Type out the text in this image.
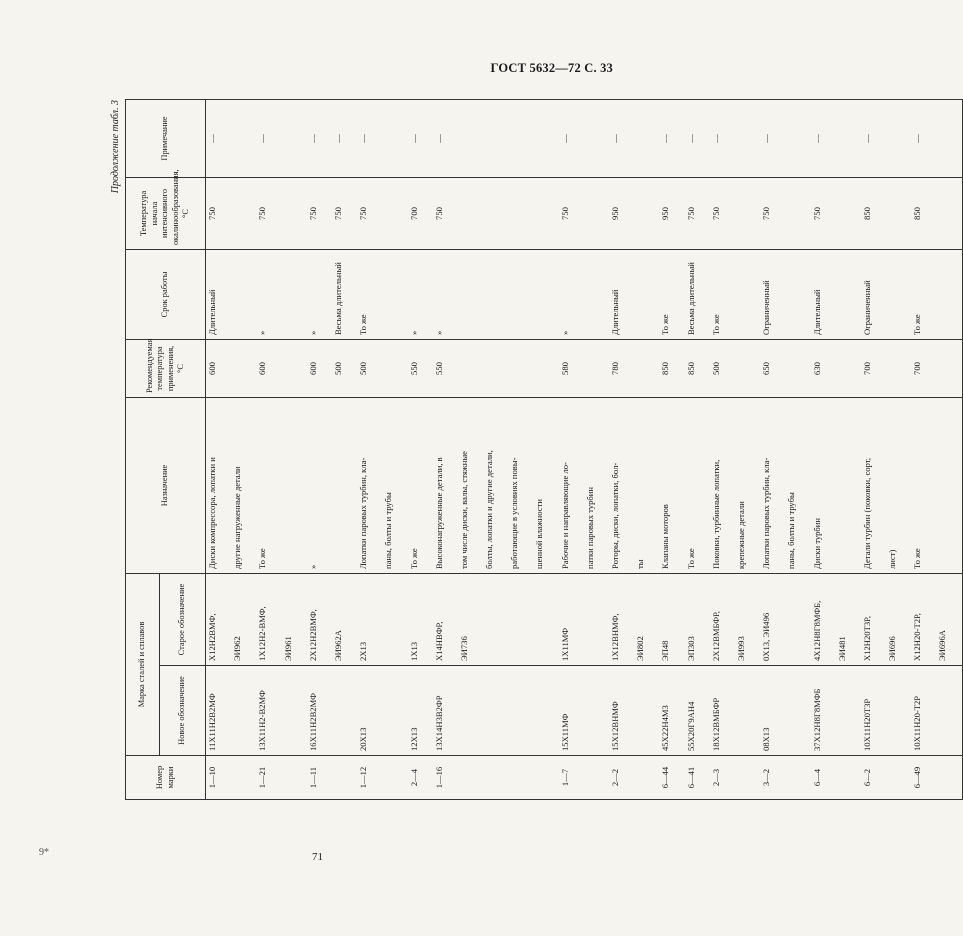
ГОСТ 5632—72 С. 33
9*	71
Продолжение табл. 3
Номер марки	Марка сталей и сплавов		Назначение	Рекомендуемая температура применения, °С	Срок работы	Температура начала интенсивного окалинообразования, °С	Примечание
	Новое обозначение	Старое обозначение					
1—10	11Х11Н2В2МФ	Х12Н2ВМФ,	Диски компрессора, лопатки и	600	Длительный	750	—
		ЭИ962	другие нагруженные детали				
1—21	13Х11Н2-В2МФ	1Х12Н2-ВМФ,	То же	600	»	750	—
		ЭИ961					
1—11	16Х11Н2В2МФ	2Х12Н2ВМФ,	»	600	»	750	—
		ЭИ962А		500	Весьма длительный	750	—
1—12	20Х13	2Х13	Лопатки паровых турбин, кла-	500	То же	750	—
			паны, болты и трубы				
2—4	12Х13	1Х13	То же	550	»	700	—
1—16	13Х14Н3В2ФР	Х14НВФР,	Высоконагруженные детали, в	550	»	750	—
		ЭИ736	том числе диски, валы, стяжные				
			болты, лопатки и другие детали,				
			работающие в условиях повы-				
			шенной влажности				
1—7	15Х11МФ	1Х11МФ	Рабочие и направляющие ло-	580	»	750	—
			патки паровых турбин				
2—2	15Х12ВНМФ	1Х12ВНМФ,	Роторы, диски, лопатки, бол-	780	Длительный	950	—
		ЭИ802	ты				
6—44	45Х22Н4М3	ЭП48	Клапаны моторов	850	То же	950	—
6—41	55Х20Г9АН4	ЭП303	То же	850	Весьма длительный	750	—
2—3	18Х12ВМБФР	2Х12ВМБФР,	Поковки, турбинные лопатки,	500	То же	750	—
		ЭИ993	крепежные детали				
3—2	08Х13	0Х13, ЭИ496	Лопатки паровых турбин, кла-	650	Ограниченный	750	—
			паны, болты и трубы				
6—4	37Х12Н8Г8МФБ	4Х12Н8Г8МФБ,	Диски турбин	630	Длительный	750	—
		ЭИ481					
6—2	10Х11Н20Т3Р	Х12Н20Т3Р,	Детали турбин (поковки, сорт,	700	Ограниченный	850	—
		ЭИ696	лист)				
6—49	10Х11Н20-Т2Р	Х12Н20-Т2Р,	То же	700	То же	850	—
		ЭИ696А					
